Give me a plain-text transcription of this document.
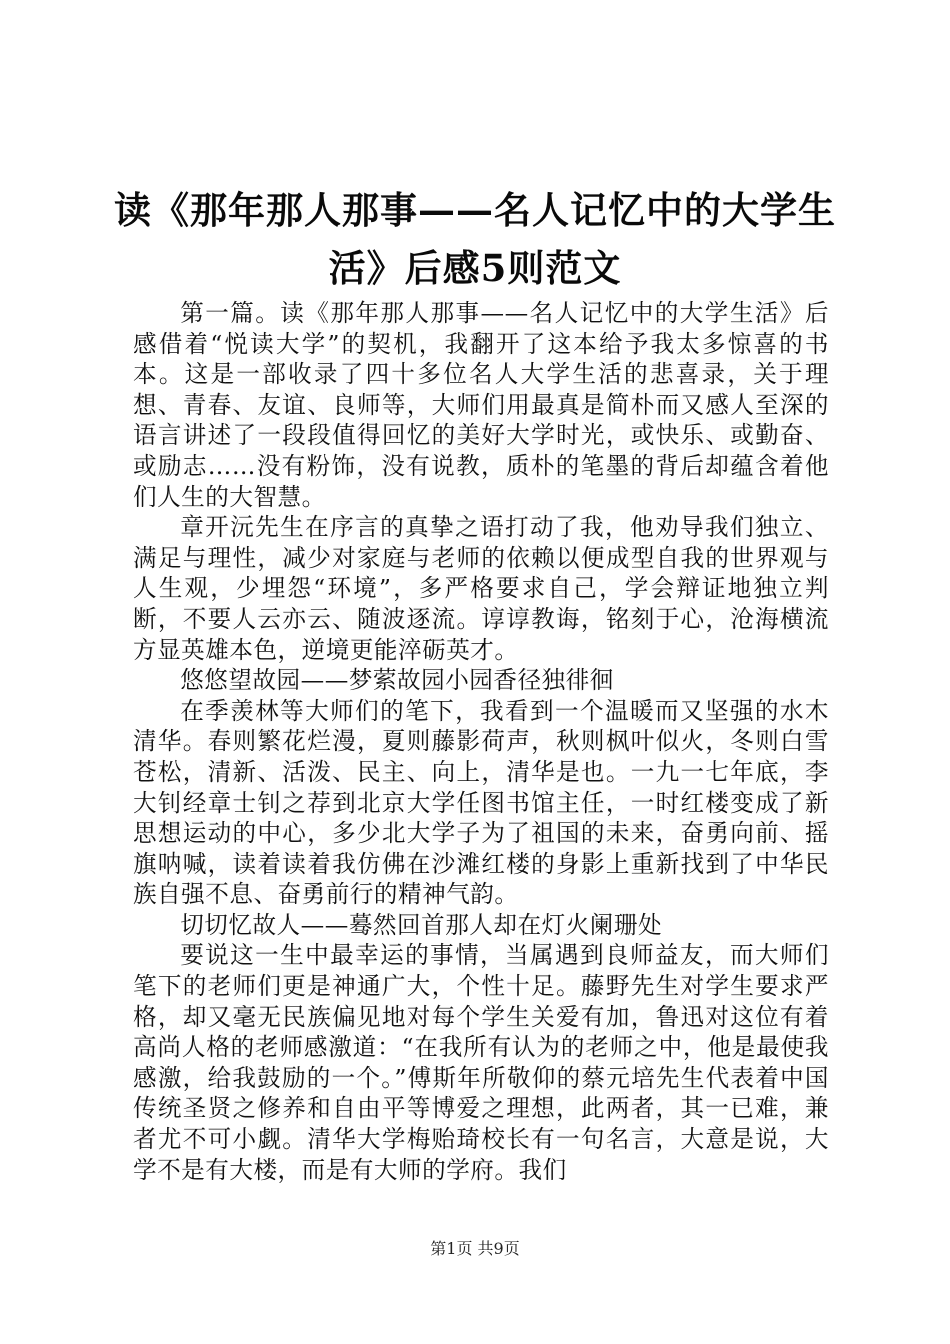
读《那年那人那事——名人记忆中的大学生
活》后感5则范文

第一篇。读《那年那人那事——名人记忆中的大学生活》后感借着“悦读大学”的契机，我翻开了这本给予我太多惊喜的书本。这是一部收录了四十多位名人大学生活的悲喜录，关于理想、青春、友谊、良师等，大师们用最真是简朴而又感人至深的语言讲述了一段段值得回忆的美好大学时光，或快乐、或勤奋、或励志……没有粉饰，没有说教，质朴的笔墨的背后却蕴含着他们人生的大智慧。

章开沅先生在序言的真挚之语打动了我，他劝导我们独立、满足与理性，减少对家庭与老师的依赖以便成型自我的世界观与人生观，少埋怨“环境”，多严格要求自己，学会辩证地独立判断，不要人云亦云、随波逐流。谆谆教诲，铭刻于心，沧海横流方显英雄本色，逆境更能淬砺英才。

悠悠望故园——梦萦故园小园香径独徘徊

在季羡林等大师们的笔下，我看到一个温暖而又坚强的水木清华。春则繁花烂漫，夏则藤影荷声，秋则枫叶似火，冬则白雪苍松，清新、活泼、民主、向上，清华是也。一九一七年底，李大钊经章士钊之荐到北京大学任图书馆主任，一时红楼变成了新思想运动的中心，多少北大学子为了祖国的未来，奋勇向前、摇旗呐喊，读着读着我仿佛在沙滩红楼的身影上重新找到了中华民族自强不息、奋勇前行的精神气韵。

切切忆故人——蓦然回首那人却在灯火阑珊处

要说这一生中最幸运的事情，当属遇到良师益友，而大师们笔下的老师们更是神通广大，个性十足。藤野先生对学生要求严格，却又毫无民族偏见地对每个学生关爱有加，鲁迅对这位有着高尚人格的老师感激道：“在我所有认为的老师之中，他是最使我感激，给我鼓励的一个。”傅斯年所敬仰的蔡元培先生代表着中国传统圣贤之修养和自由平等博爱之理想，此两者，其一已难，兼者尤不可小觑。清华大学梅贻琦校长有一句名言，大意是说，大学不是有大楼，而是有大师的学府。我们

第1页 共9页
